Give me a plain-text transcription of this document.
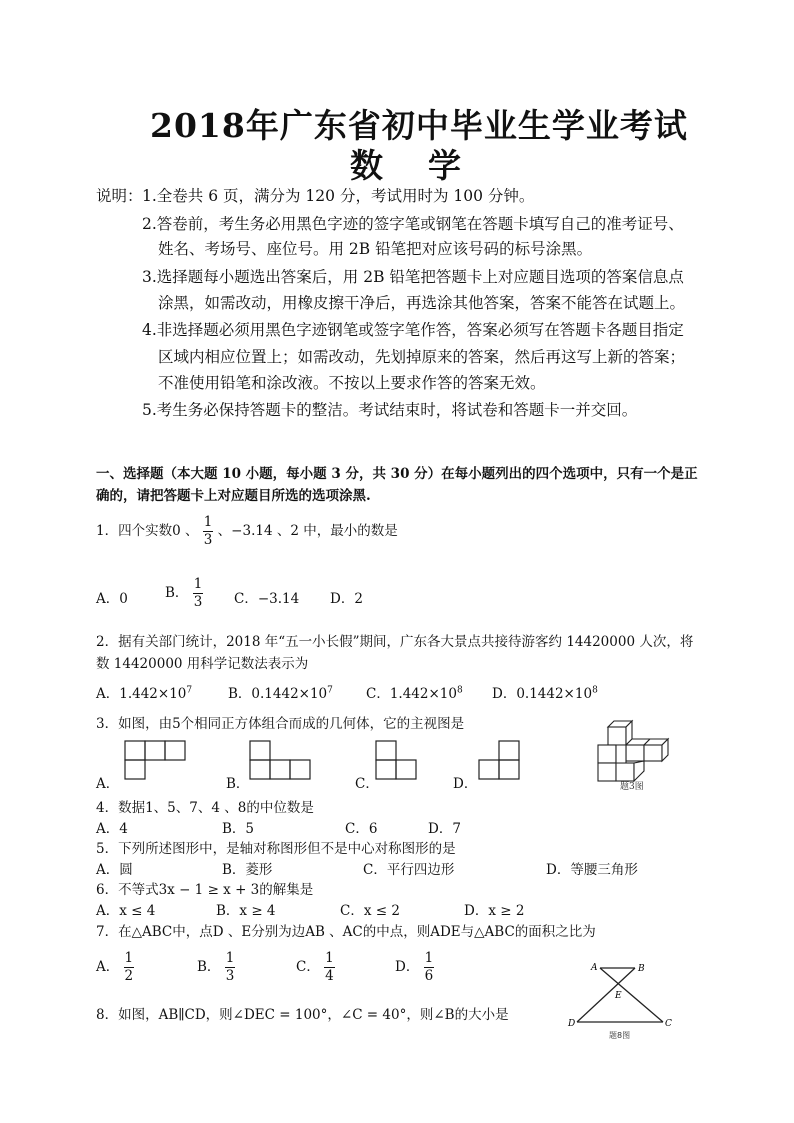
2018年广东省初中毕业生学业考试
数　学
说明： 1.全卷共 6 页，满分为 120 分，考试用时为 100 分钟。
2.答卷前，考生务必用黑色字迹的签字笔或钢笔在答题卡填写自己的准考证号、
姓名、考场号、座位号。用 2B 铅笔把对应该号码的标号涂黑。
3.选择题每小题选出答案后，用 2B 铅笔把答题卡上对应题目选项的答案信息点
涂黑，如需改动，用橡皮擦干净后，再选涂其他答案，答案不能答在试题上。
4.非选择题必须用黑色字迹钢笔或签字笔作答，答案必须写在答题卡各题目指定
区域内相应位置上；如需改动，先划掉原来的答案，然后再这写上新的答案；
不准使用铅笔和涂改液。不按以上要求作答的答案无效。
5.考生务必保持答题卡的整洁。考试结束时，将试卷和答题卡一并交回。
一、选择题（本大题 10 小题，每小题 3 分，共 30 分）在每小题列出的四个选项中，只有一个是正
确的，请把答题卡上对应题目所选的选项涂黑.
1．四个实数0 、 $\frac{1}{3}$ 、−3.14 、2 中，最小的数是
A．0	B． $\frac{1}{3}$ C．−3.14 D．2
2．据有关部门统计，2018 年“五一小长假”期间，广东各大景点共接待游客约 14420000 人次，将
数 14420000 用科学记数法表示为
A．$1.442\times 10^7$	B．$0.1442\times 10^7$ C．$1.442\times 10^8$ D．$0.1442\times 10^8$
3．如图，由5个相同正方体组合而成的几何体，它的主视图是
A．	B．	C．	D．	题3图
4．数据1、5、7、4 、8的中位数是
A．4	B．5	C．6	D．7
5．下列所述图形中，是轴对称图形但不是中心对称图形的是
A．圆	B．菱形	C．平行四边形	D．等腰三角形
6．不等式3x − 1 ≥ x + 3的解集是
A．x ≤ 4	B．x ≥ 4	C．x ≤ 2	D．x ≥ 2
7．在△ABC中，点D 、E分别为边AB 、AC的中点，则ADE与△ABC的面积之比为
A． $\frac{1}{2}$	B． $\frac{1}{3}$	C． $\frac{1}{4}$	D． $\frac{1}{6}$
8．如图，AB∥CD，则∠DEC = 100°，∠C = 40°，则∠B的大小是
A	B
E
D	C
题8图
